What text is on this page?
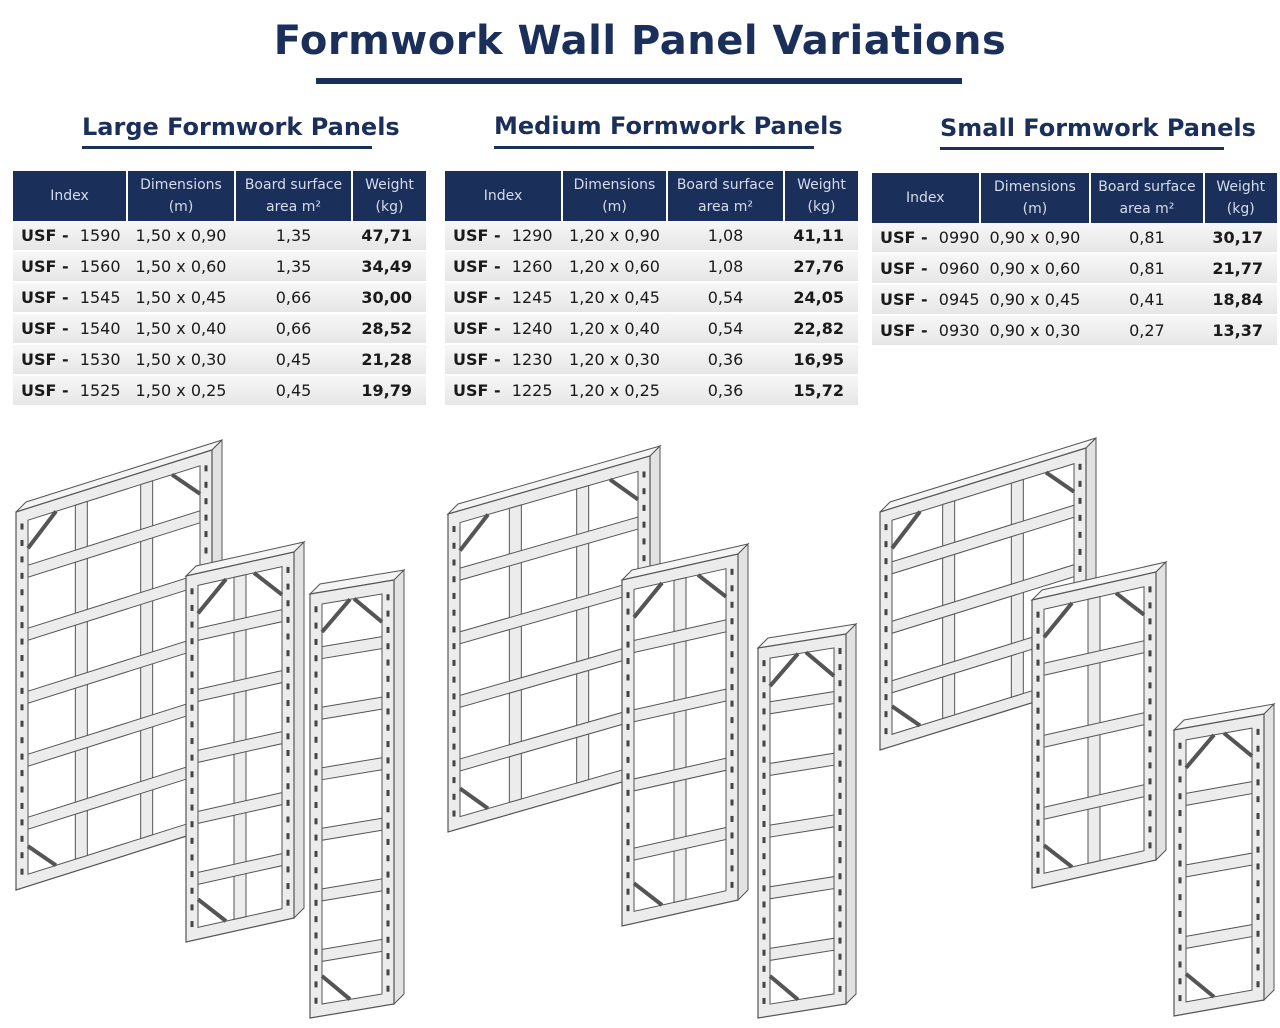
Formwork Wall Panel Variations
Large Formwork Panels	Medium Formwork Panels	Small Formwork Panels
Index	Dimensions (m)	Board surface area m²	Weight (kg)
USF - 1590	1,50 x 0,90	1,35	47,71
USF - 1560	1,50 x 0,60	1,35	34,49
USF - 1545	1,50 x 0,45	0,66	30,00
USF - 1540	1,50 x 0,40	0,66	28,52
USF - 1530	1,50 x 0,30	0,45	21,28
USF - 1525	1,50 x 0,25	0,45	19,79
Index	Dimensions (m)	Board surface area m²	Weight (kg)
USF - 1290	1,20 x 0,90	1,08	41,11
USF - 1260	1,20 x 0,60	1,08	27,76
USF - 1245	1,20 x 0,45	0,54	24,05
USF - 1240	1,20 x 0,40	0,54	22,82
USF - 1230	1,20 x 0,30	0,36	16,95
USF - 1225	1,20 x 0,25	0,36	15,72
Index	Dimensions (m)	Board surface area m²	Weight (kg)
USF - 0990	0,90 x 0,90	0,81	30,17
USF - 0960	0,90 x 0,60	0,81	21,77
USF - 0945	0,90 x 0,45	0,41	18,84
USF - 0930	0,90 x 0,30	0,27	13,37
